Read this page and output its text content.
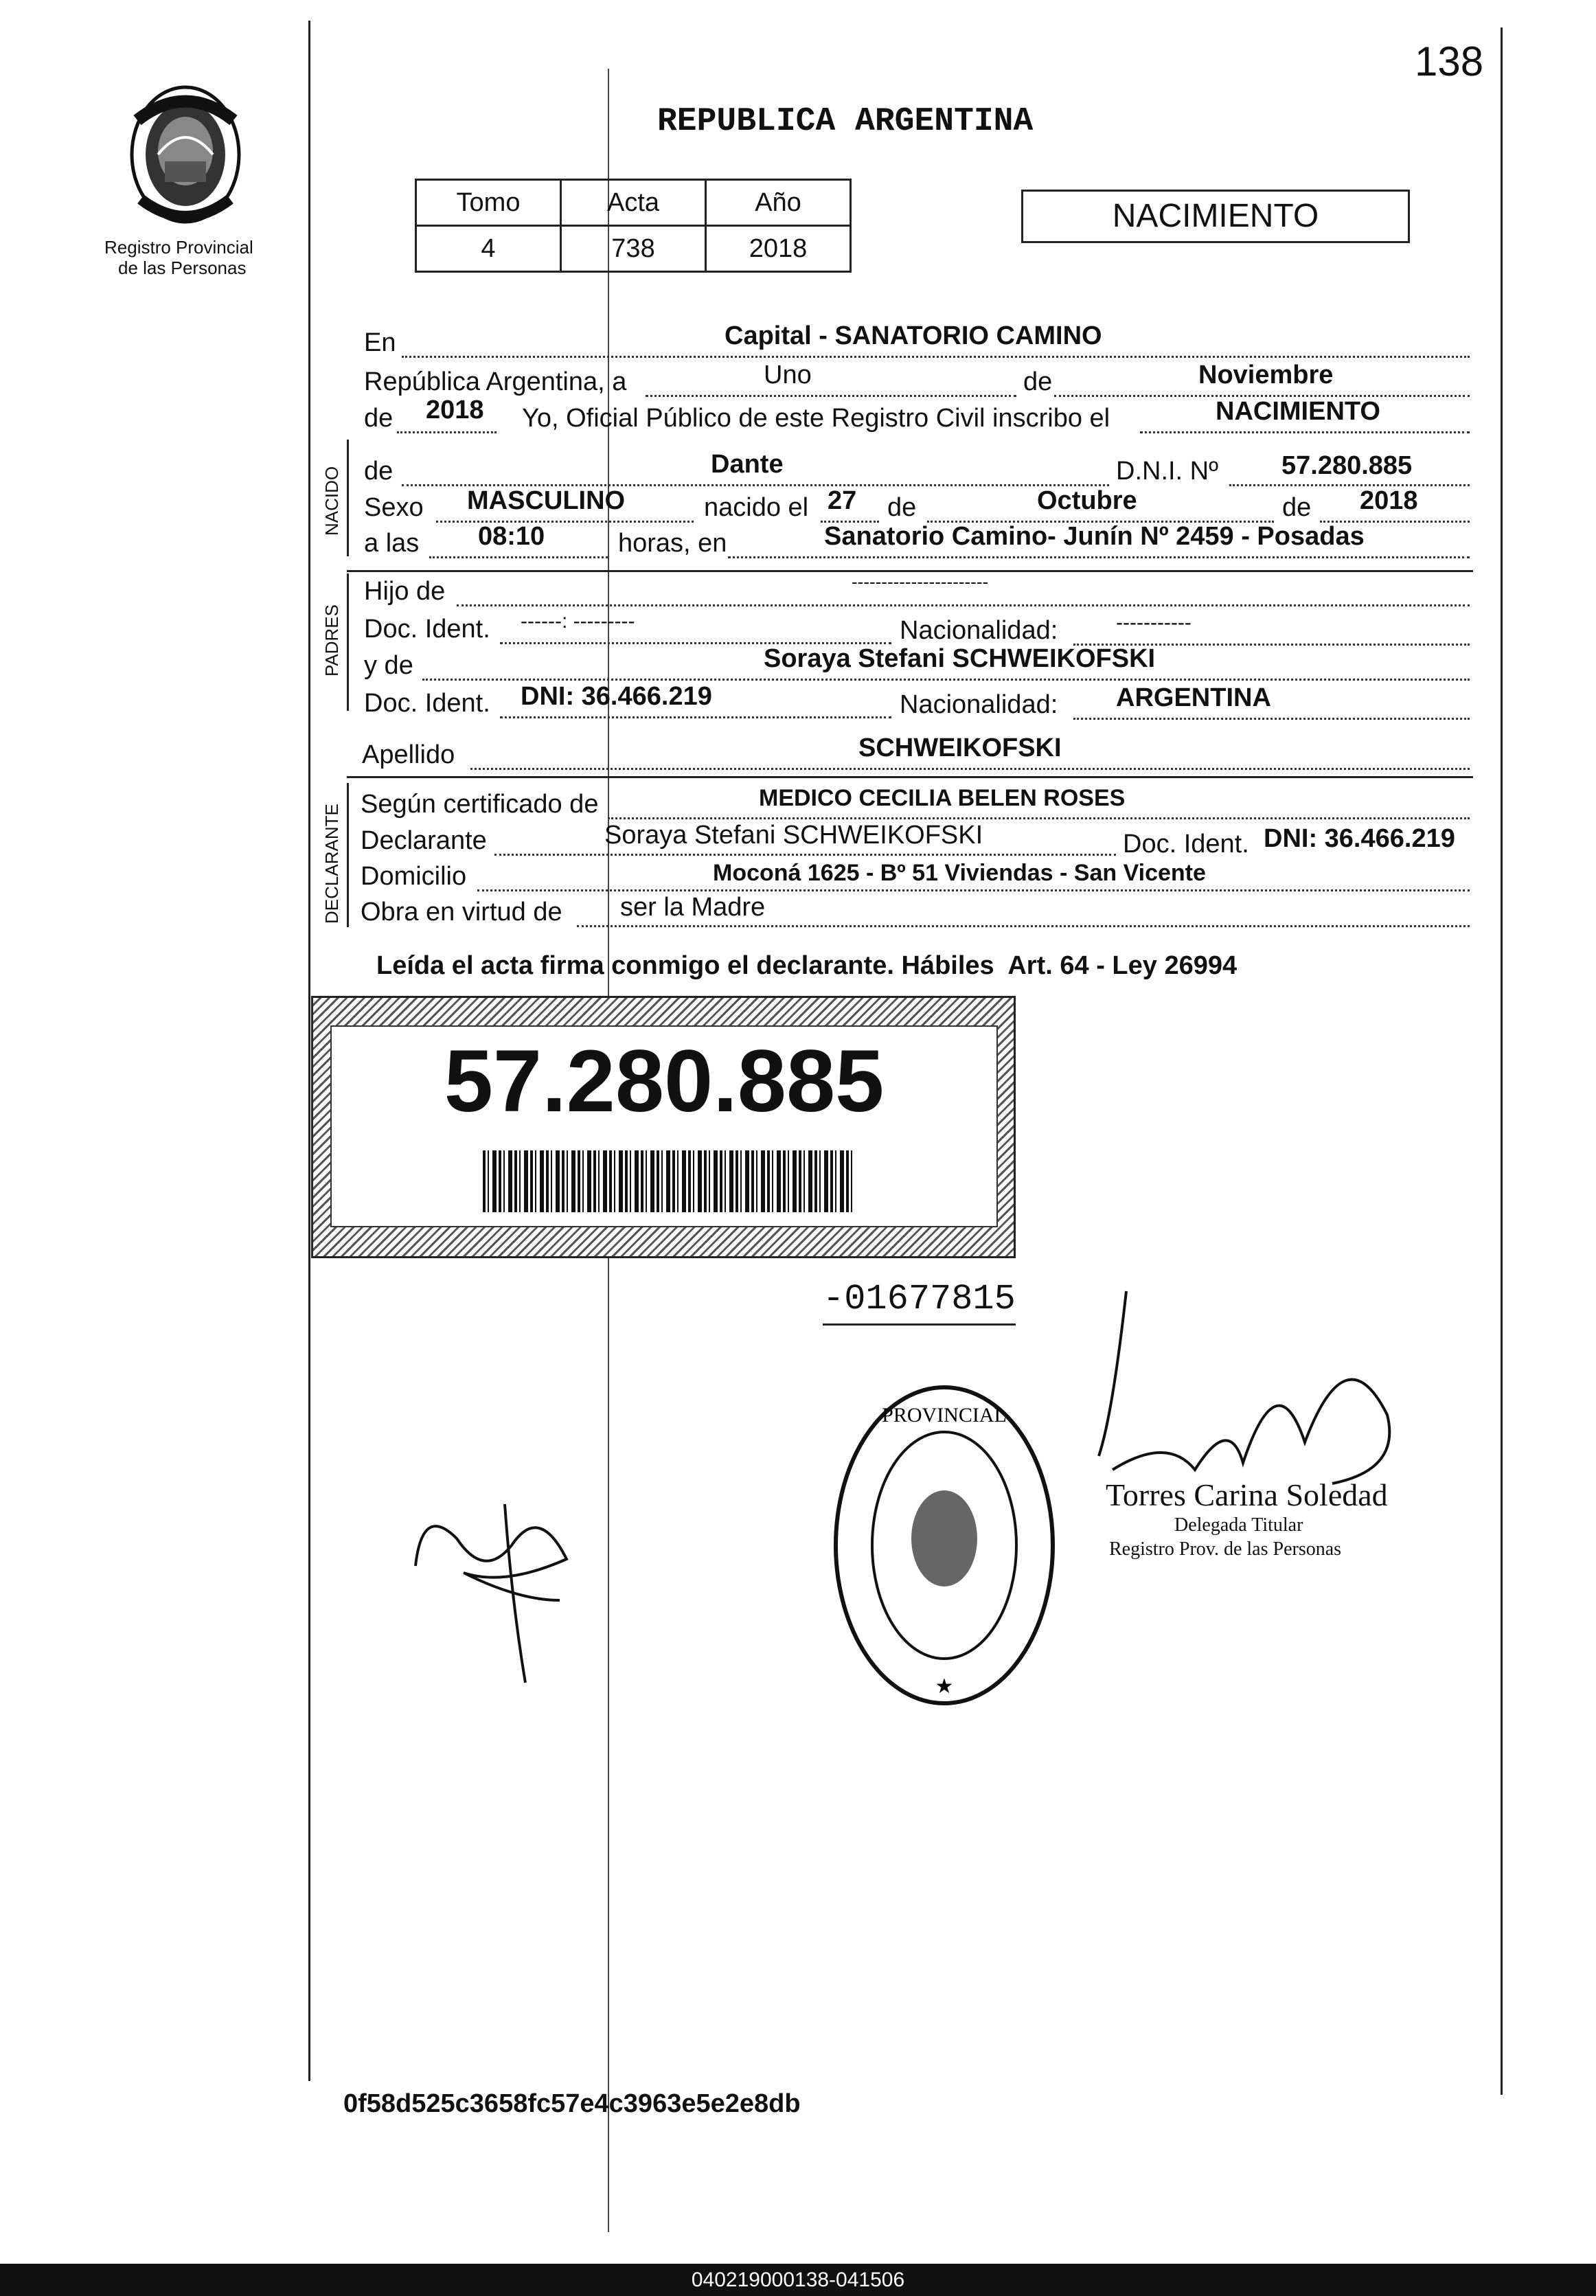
138
Registro Provincial
de las Personas
REPUBLICA ARGENTINA
Tomo	Acta	Año
4	738	2018
NACIMIENTO
En	Capital - SANATORIO CAMINO
República Argentina, a	Uno	de	Noviembre
de 2018 Yo, Oficial Público de este Registro Civil inscribo el	NACIMIENTO
NACIDO de	Dante	D.N.I. Nº 57.280.885
Sexo MASCULINO	nacido el 27 de	Octubre	de 2018
a las 08:10	horas, en	Sanatorio Camino- Junín Nº 2459 - Posadas
PADRES
Hijo de	-----------------------
Doc. Ident. ------: ---------	Nacionalidad:	-----------
y de	Soraya Stefani SCHWEIKOFSKI
Doc. Ident. DNI: 36.466.219	Nacionalidad: ARGENTINA
Apellido	SCHWEIKOFSKI
DECLARANTE Según certificado de	MEDICO CECILIA BELEN ROSES
Declarante	Soraya Stefani SCHWEIKOFSKI	Doc. Ident. DNI: 36.466.219
Domicilio	Moconá 1625 - Bº 51 Viviendas - San Vicente
Obra en virtud de ser la Madre
Leída el acta firma conmigo el declarante. Hábiles  Art. 64 - Ley 26994
57.280.885
-01677815
PROVINCIAL
★
Torres Carina Soledad
Delegada Titular
Registro Prov. de las Personas
0f58d525c3658fc57e4c3963e5e2e8db
040219000138-041506
